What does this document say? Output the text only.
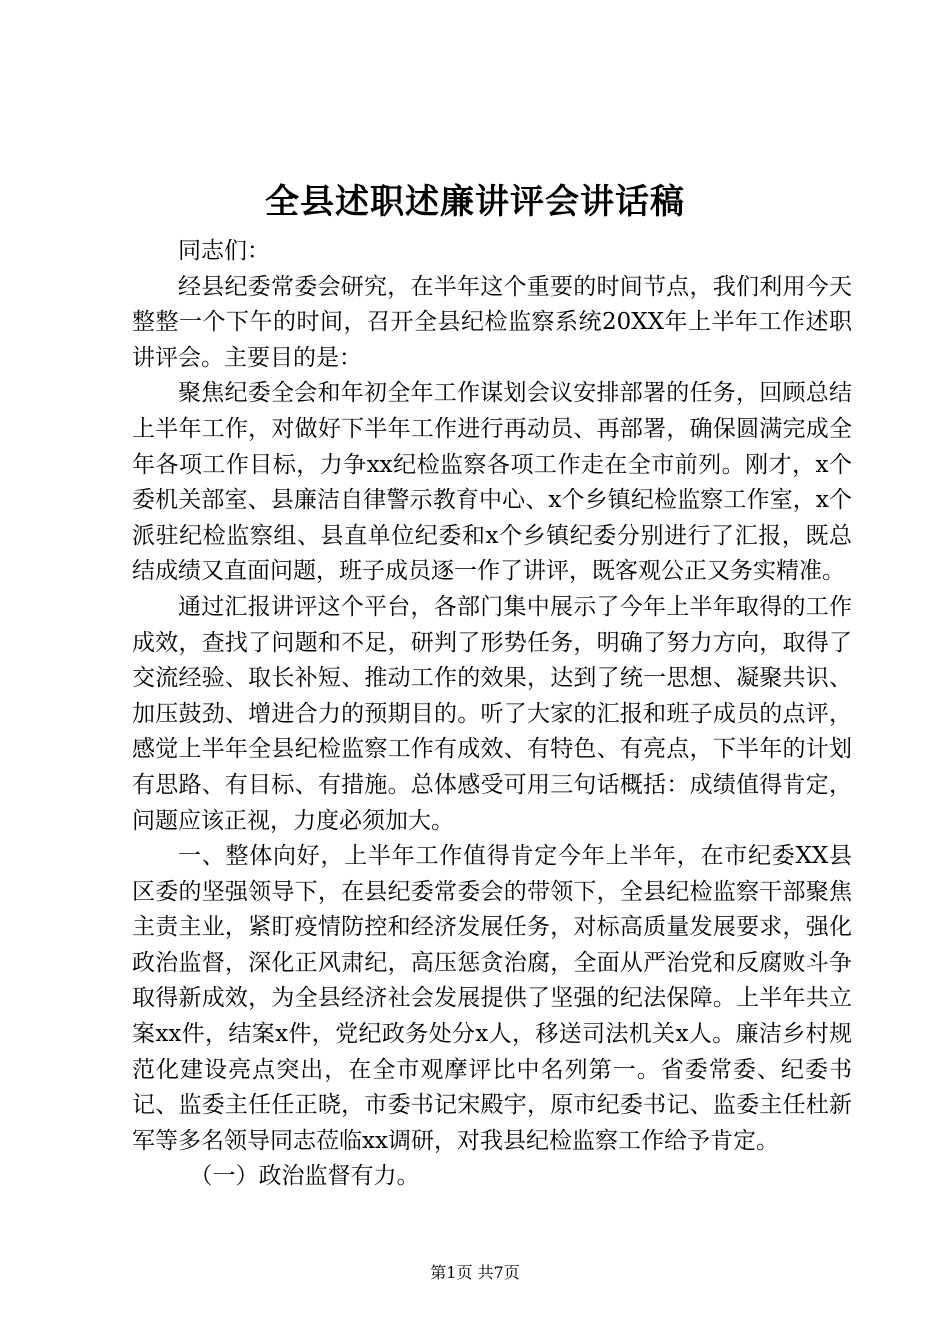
全县述职述廉讲评会讲话稿

同志们：

经县纪委常委会研究，在半年这个重要的时间节点，我们利用今天整整一个下午的时间，召开全县纪检监察系统20XX年上半年工作述职讲评会。主要目的是：

聚焦纪委全会和年初全年工作谋划会议安排部署的任务，回顾总结上半年工作，对做好下半年工作进行再动员、再部署，确保圆满完成全年各项工作目标，力争xx纪检监察各项工作走在全市前列。刚才，x个委机关部室、县廉洁自律警示教育中心、x个乡镇纪检监察工作室，x个派驻纪检监察组、县直单位纪委和x个乡镇纪委分别进行了汇报，既总结成绩又直面问题，班子成员逐一作了讲评，既客观公正又务实精准。

通过汇报讲评这个平台，各部门集中展示了今年上半年取得的工作成效，查找了问题和不足，研判了形势任务，明确了努力方向，取得了交流经验、取长补短、推动工作的效果，达到了统一思想、凝聚共识、加压鼓劲、增进合力的预期目的。听了大家的汇报和班子成员的点评，感觉上半年全县纪检监察工作有成效、有特色、有亮点，下半年的计划有思路、有目标、有措施。总体感受可用三句话概括：成绩值得肯定，问题应该正视，力度必须加大。

一、整体向好，上半年工作值得肯定今年上半年，在市纪委XX县区委的坚强领导下，在县纪委常委会的带领下，全县纪检监察干部聚焦主责主业，紧盯疫情防控和经济发展任务，对标高质量发展要求，强化政治监督，深化正风肃纪，高压惩贪治腐，全面从严治党和反腐败斗争取得新成效，为全县经济社会发展提供了坚强的纪法保障。上半年共立案xx件，结案x件，党纪政务处分x人，移送司法机关x人。廉洁乡村规范化建设亮点突出，在全市观摩评比中名列第一。省委常委、纪委书记、监委主任任正晓，市委书记宋殿宇，原市纪委书记、监委主任杜新军等多名领导同志莅临xx调研，对我县纪检监察工作给予肯定。

（一）政治监督有力。

第1页 共7页
